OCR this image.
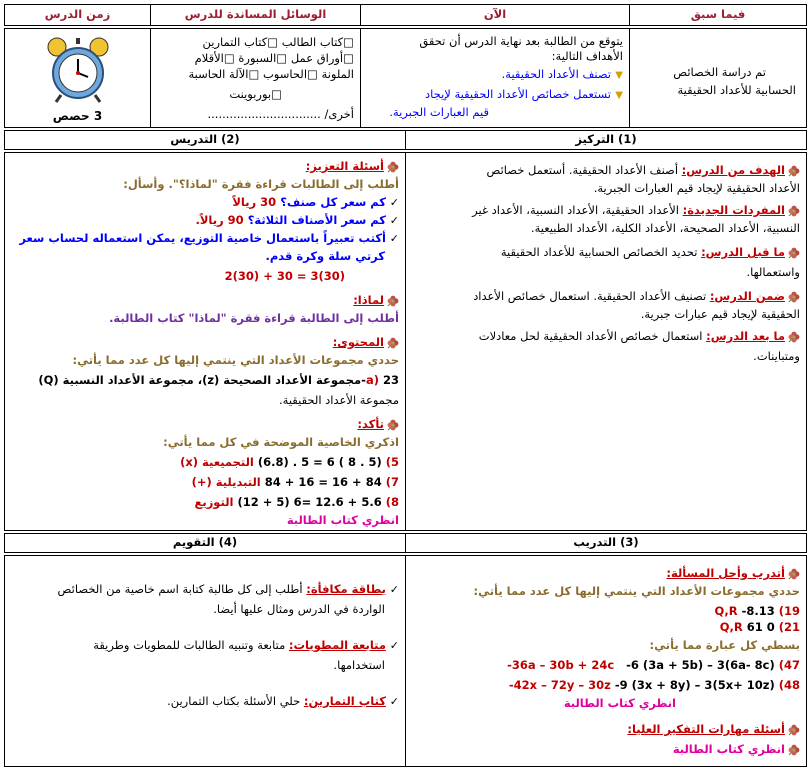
زمن الدرس	الوسائل المساندة للدرس	الآن	فيما سبق
3 حصص
□كتاب الطالب □كتاب التمارين
□أوراق عمل □السبورة □الأقلام
الملونة □الحاسوب □الآلة الحاسبة
□بوربوينت
أخرى/ ...............................
يتوقع من الطالبة بعد نهاية الدرس أن تحقق
الأهداف التالية:
▼تصنف الأعداد الحقيقية.
▼تستعمل خصائص الأعداد الحقيقية لإيجاد
قيم العبارات الجبرية.
تم دراسة الخصائص
الحسابية للأعداد الحقيقية
(2) التدريس	(1) التركيز
الهدف من الدرس: أصنف الأعداد الحقيقية. أستعمل خصائص
الأعداد الحقيقية لإيجاد قيم العبارات الجبرية.
المفردات الجديدة: الأعداد الحقيقية، الأعداد النسبية، الأعداد غير
النسبية، الأعداد الصحيحة، الأعداد الكلية، الأعداد الطبيعية.
ما قبل الدرس: تحديد الخصائص الحسابية للأعداد الحقيقية
واستعمالها.
ضمن الدرس: تصنيف الأعداد الحقيقية. استعمال خصائص الأعداد
الحقيقية لإيجاد قيم عبارات جبرية.
ما بعد الدرس: استعمال خصائص الأعداد الحقيقية لحل معادلات
ومتباينات.
أسئلة التعزيز:
أطلب إلى الطالبات قراءة فقرة "لماذا؟". وأسأل:
✓كم سعر كل صنف؟ 30 ريالاً
✓كم سعر الأصناف الثلاثة؟ 90 ريالاً.
✓أكتب تعبيراً باستعمال خاصية التوزيع، يمكن استعماله لحساب سعر
كرتي سلة وكرة قدم.
2(30) + 30 = 3(30)
لماذا:
أطلب إلى الطالبة قراءة فقرة "لماذا" كتاب الطالبة.
المحتوى:
حددي مجموعات الأعداد التي ينتمي إليها كل عدد مما يأتي:
a) 23-مجموعة الأعداد الصحيحة (z)، مجموعة الأعداد النسبية (Q)
مجموعة الأعداد الحقيقية.
تأكد:
اذكري الخاصية الموضحة في كل مما يأتي:
5) (6.8) . 5 = 6 ( 8 . 5) التجميعية (x)
7) 84 + 16 = 16 + 84 التبديلية (+)
8) (12 + 5) 6= 12.6 + 5.6 التوزيع
انظري كتاب الطالبة
(4) التقويم	(3) التدريب
✓بطاقة مكافأة: أطلب إلى كل طالبة كتابة اسم خاصية من الخصائص
الواردة في الدرس ومثال عليها أيضا.
✓متابعة المطويات: متابعة وتنبيه الطالبات للمطويات وطريقة
استخدامها.
✓كتاب التمارين: حلي الأسئلة بكتاب التمارين.
أتدرب وأحل المسألة:
حددي مجموعات الأعداد التي ينتمي إليها كل عدد مما يأتي:
Q,R -8.13 (19
Q,R 61 0 (21
بسطي كل عبارة مما يأتي:
-36a – 30b + 24c -6 (3a + 5b) – 3(6a- 8c) (47
-42x – 72y – 30z -9 (3x + 8y) – 3(5x+ 10z) (48
انظري كتاب الطالبة
أسئلة مهارات التفكير العليا:
انظري كتاب الطالبة
